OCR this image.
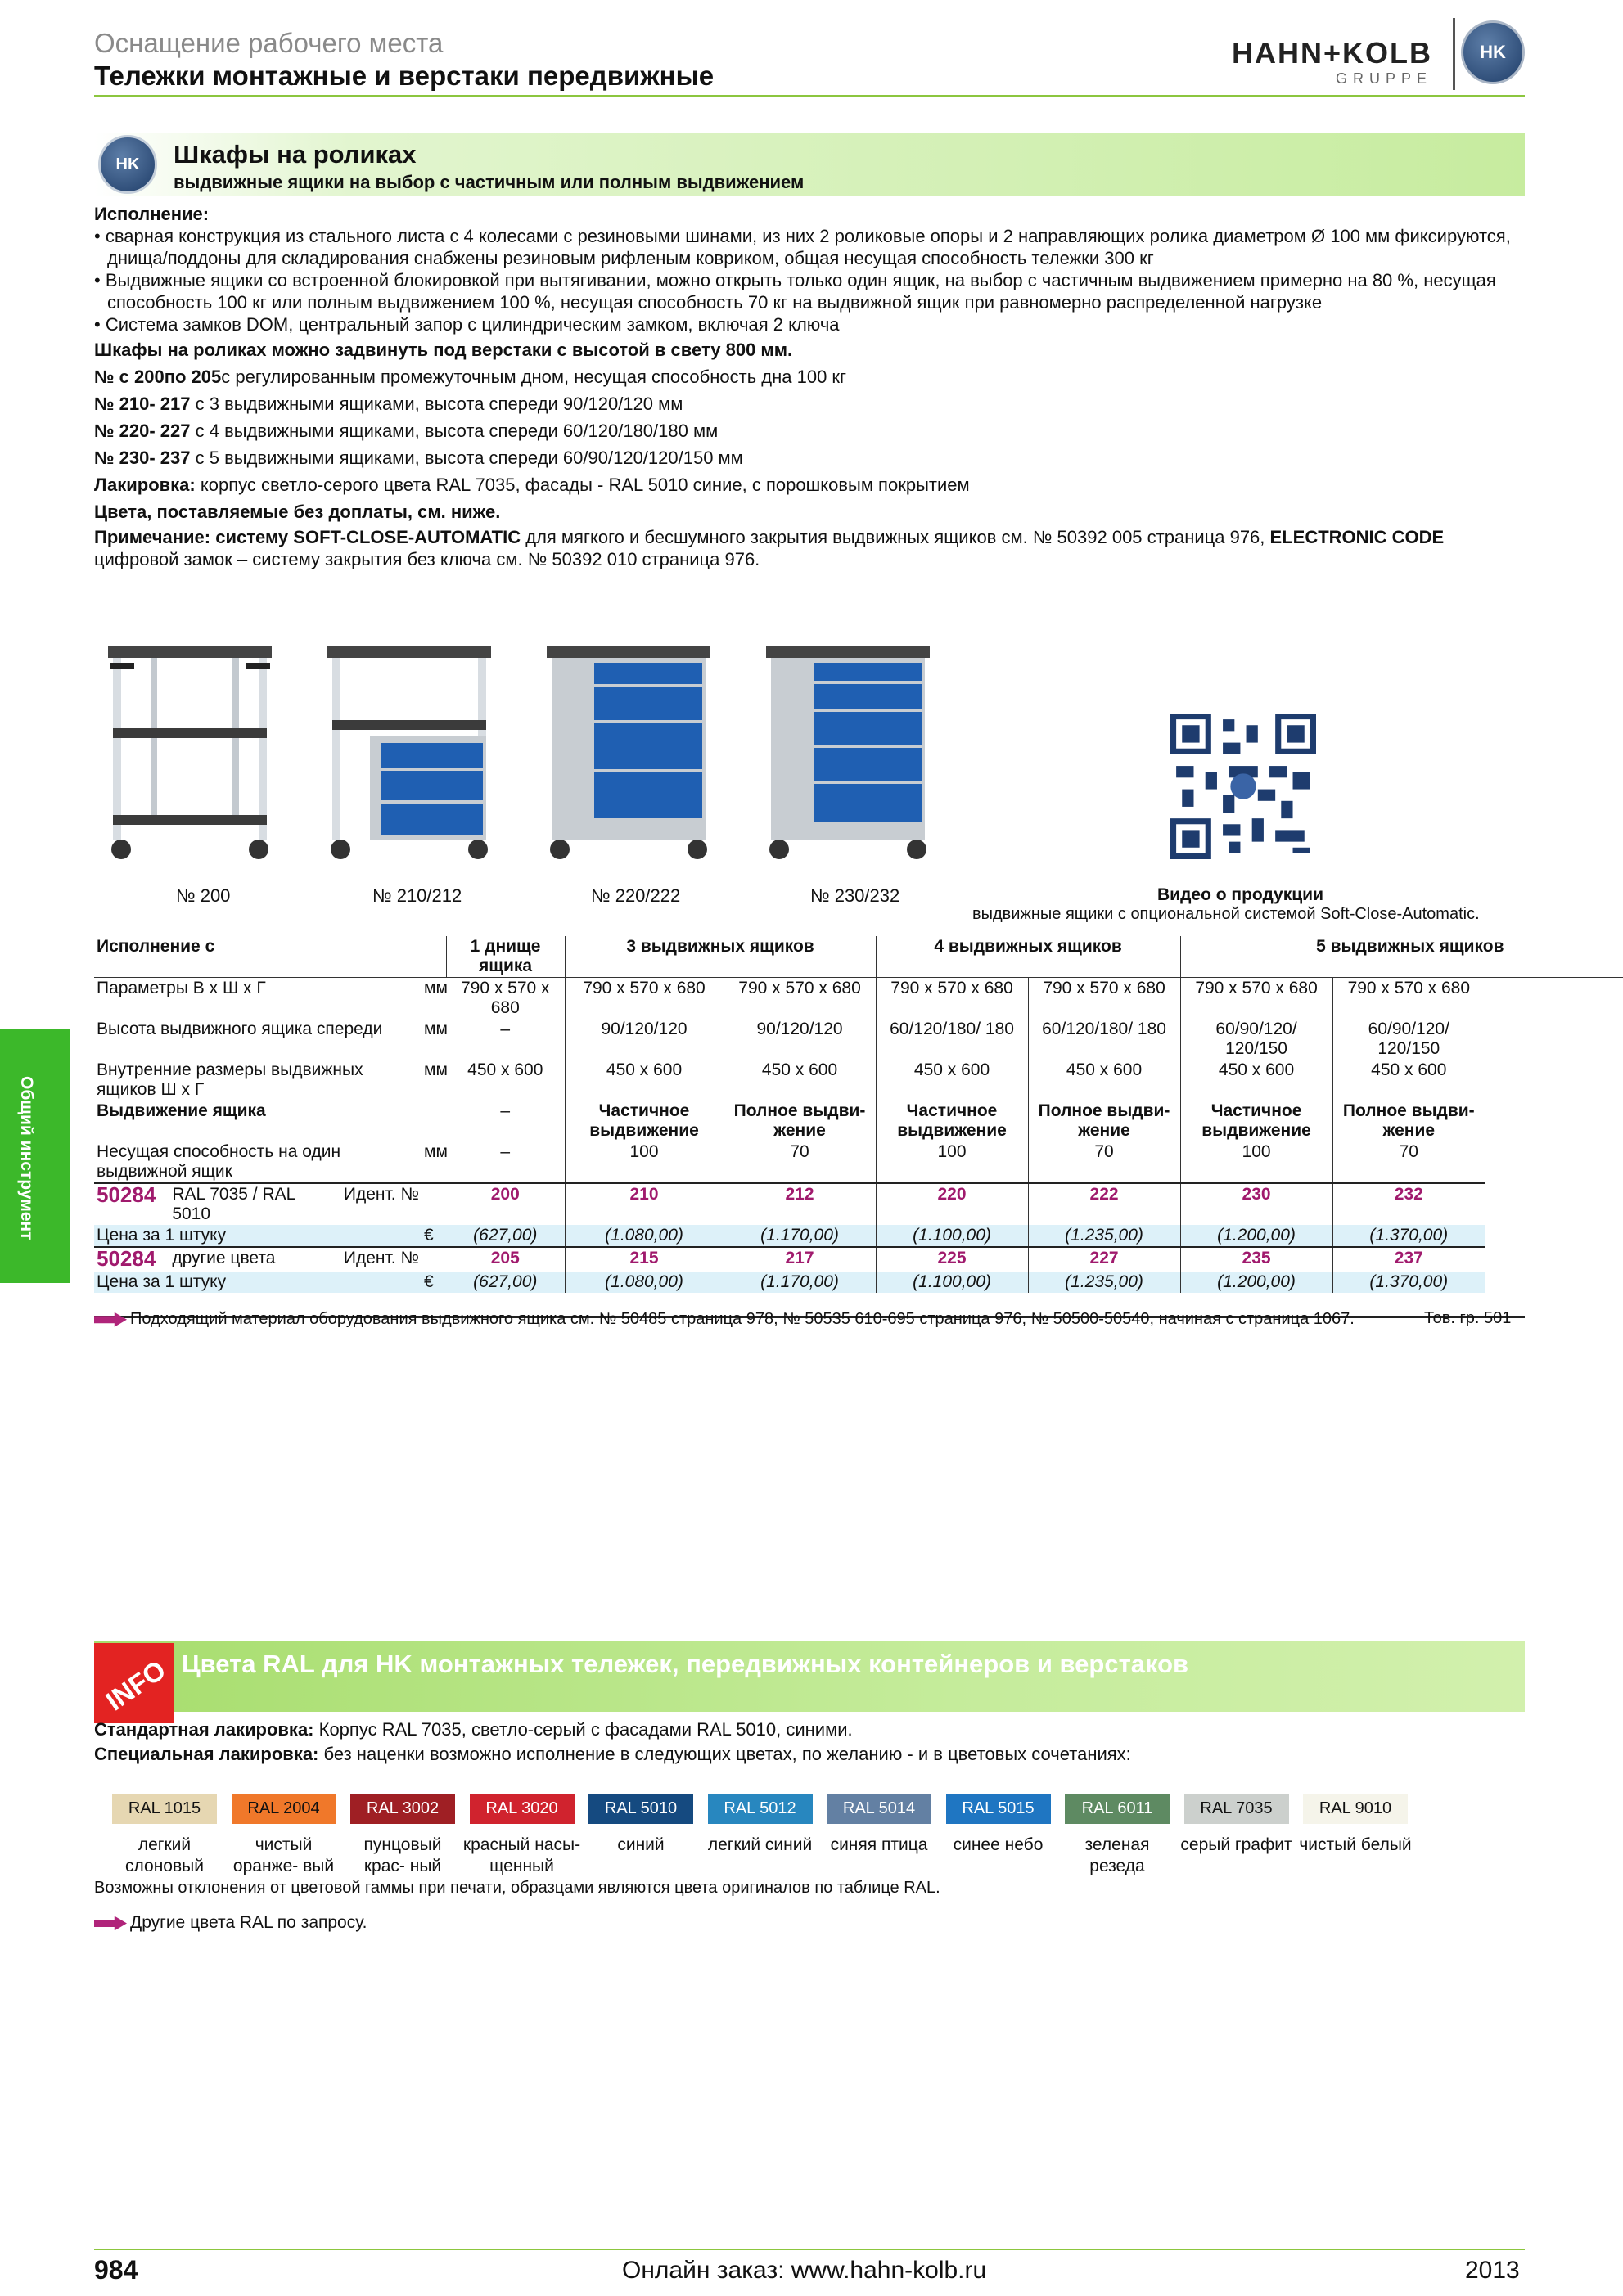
Оснащение рабочего места
Тележки монтажные и верстаки передвижные
HAHN+KOLB
GRUPPE
HK
HK	Шкафы на роликах
выдвижные ящики на выбор с частичным или полным выдвижением
Исполнение:
• сварная конструкция из стального листа с 4 колесами с резиновыми шинами, из них 2 роликовые опоры и 2 направляющих ролика диаметром Ø 100 мм фиксируются, днища/поддоны для складирования снабжены резиновым рифленым ковриком, общая несущая способность тележки 300 кг
• Выдвижные ящики со встроенной блокировкой при вытягивании, можно открыть только один ящик, на выбор с частичным выдвижением примерно на 80 %, несущая способность 100 кг или полным выдвижением 100 %, несущая способность 70 кг на выдвижной ящик при равномерно распределенной нагрузке
• Система замков DOM, центральный запор с цилиндрическим замком, включая 2 ключа
Шкафы на роликах можно задвинуть под верстаки с высотой в свету 800 мм.
№ с 200по 205с регулированным промежуточным дном, несущая способность дна 100 кг
№ 210- 217 с 3 выдвижными ящиками, высота спереди 90/120/120 мм
№ 220- 227 с 4 выдвижными ящиками, высота спереди 60/120/180/180 мм
№ 230- 237 с 5 выдвижными ящиками, высота спереди 60/90/120/120/150 мм
Лакировка: корпус светло-серого цвета RAL 7035, фасады - RAL 5010 синие, с порошковым покрытием
Цвета, поставляемые без доплаты, см. ниже.
Примечание: систему SOFT-CLOSE-AUTOMATIC для мягкого и бесшумного закрытия выдвижных ящиков см. № 50392 005 страница 976, ELECTRONIC CODE цифровой замок – систему закрытия без ключа см. № 50392 010 страница 976.
№ 200	№ 210/212	№ 220/222	№ 230/232	Видео о продукции
выдвижные ящики с опциональной системой Soft-Close-Automatic.
Исполнение с		1 днище ящика	3 выдвижных ящиков		4 выдвижных ящиков		5 выдвижных ящиков	
Параметры В х Ш х Г	мм	790 x 570 x 680	790 x 570 x 680	790 x 570 x 680	790 x 570 x 680	790 x 570 x 680	790 x 570 x 680	790 x 570 x 680
Высота выдвижного ящика спереди	мм	–	90/120/120	90/120/120	60/120/180/ 180	60/120/180/ 180	60/90/120/ 120/150	60/90/120/ 120/150
Внутренние размеры выдвижных ящиков Ш x Г	мм	450 x 600	450 x 600	450 x 600	450 x 600	450 x 600	450 x 600	450 x 600
Выдвижение ящика		–	Частичное выдвижение	Полное выдви- жение	Частичное выдвижение	Полное выдви- жение	Частичное выдвижение	Полное выдви- жение
Несущая способность на один выдвижной ящик	мм	–	100	70	100	70	100	70
50284 RAL 7035 / RAL 5010
Идент. №		200	210	212	220	222	230	232
Цена за 1 штуку	€	(627,00)	(1.080,00)	(1.170,00)	(1.100,00)	(1.235,00)	(1.200,00)	(1.370,00)
50284 другие цвета Идент. №		205	215	217	225	227	235	237
Цена за 1 штуку	€	(627,00)	(1.080,00)	(1.170,00)	(1.100,00)	(1.235,00)	(1.200,00)	(1.370,00)
Подходящий материал оборудования выдвижного ящика см. № 50485 страница 978, № 50535 610-695 страница 976, № 50500-50540, начиная с страница 1067.	Тов. гр. 501
Общий инструмент
INFO Цвета RAL для HK монтажных тележек, передвижных контейнеров и верстаков
Стандартная лакировка: Корпус RAL 7035, светло-серый с фасадами RAL 5010, синими.
Специальная лакировка: без наценки возможно исполнение в следующих цветах, по желанию - и в цветовых сочетаниях:
RAL 1015
легкий слоновый
RAL 2004
чистый оранже- вый
RAL 3002
пунцовый крас- ный
RAL 3020
красный насы- щенный
RAL 5010
синий
RAL 5012
легкий синий
RAL 5014
синяя птица
RAL 5015
синее небо
RAL 6011
зеленая резеда
RAL 7035
серый графит
RAL 9010
чистый белый
Возможны отклонения от цветовой гаммы при печати, образцами являются цвета оригиналов по таблице RAL.
Другие цвета RAL по запросу.
984	Онлайн заказ: www.hahn-kolb.ru	2013
